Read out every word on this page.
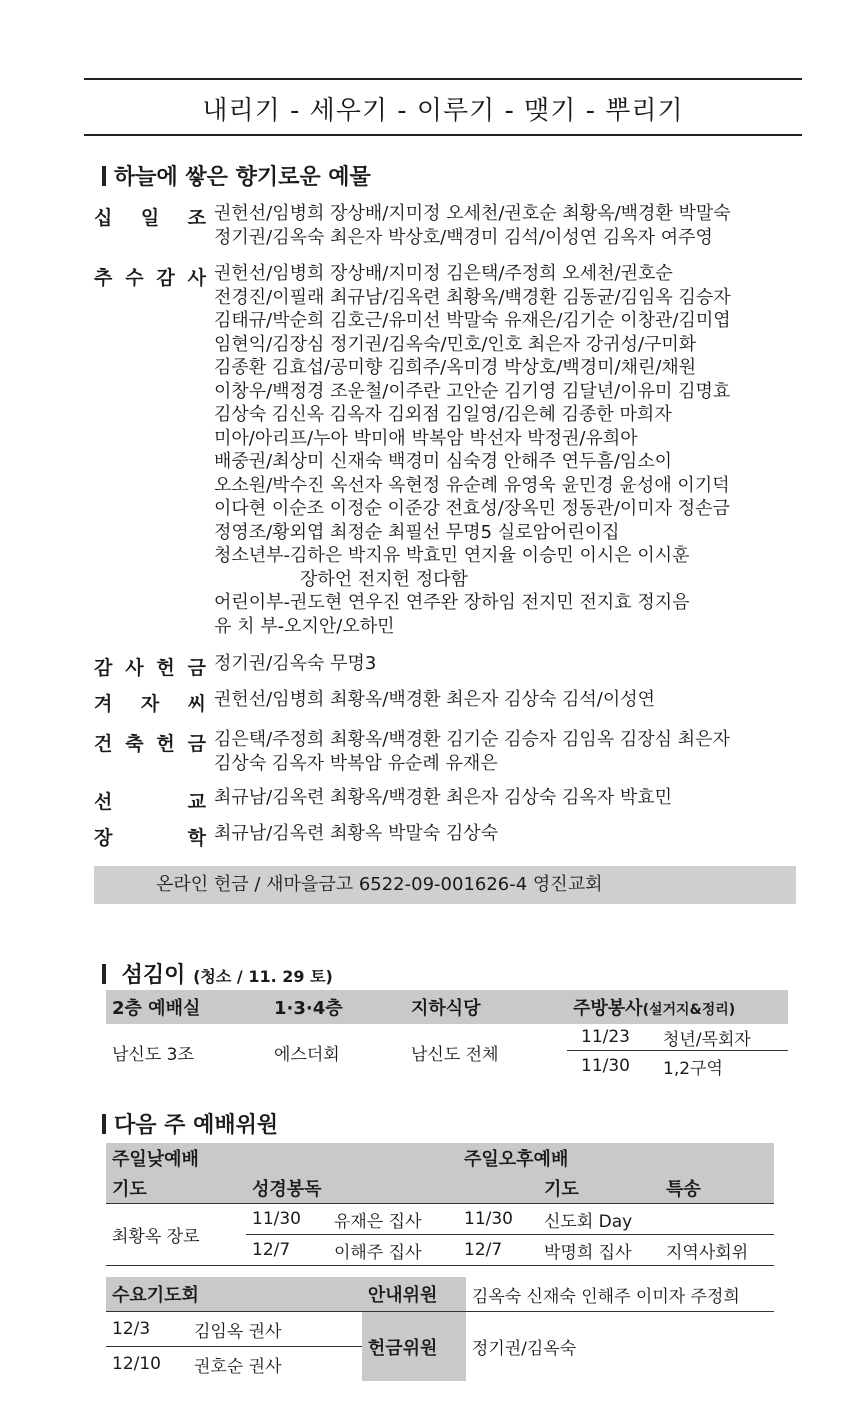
내리기 - 세우기 - 이루기 - 맺기 - 뿌리기
하늘에 쌓은 향기로운 예물
십 일 조 권헌선/임병희 장상배/지미정 오세천/권호순 최황옥/백경환 박말숙
정기권/김옥숙 최은자 박상호/백경미 김석/이성연 김옥자 여주영
추 수 감 사 권헌선/임병희 장상배/지미정 김은택/주정희 오세천/권호순
전경진/이필래 최규남/김옥련 최황옥/백경환 김동균/김임옥 김승자
김태규/박순희 김호근/유미선 박말숙 유재은/김기순 이창관/김미엽
임현익/김장심 정기권/김옥숙/민호/인호 최은자 강귀성/구미화
김종환 김효섭/공미향 김희주/옥미경 박상호/백경미/채린/채원
이창우/백정경 조운철/이주란 고안순 김기영 김달년/이유미 김명효
김상숙 김신옥 김옥자 김외점 김일영/김은혜 김종한 마희자
미아/아리프/누아 박미애 박복암 박선자 박정권/유희아
배중권/최상미 신재숙 백경미 심숙경 안해주 연두흠/임소이
오소원/박수진 옥선자 옥현정 유순례 유영욱 윤민경 윤성애 이기덕
이다현 이순조 이정순 이준강 전효성/장옥민 정동관/이미자 정손금
정영조/황외엽 최정순 최필선 무명5 실로암어린이집
청소년부-김하은 박지유 박효민 연지율 이승민 이시은 이시훈
장하언 전지헌 정다함
어린이부-권도현 연우진 연주완 장하임 전지민 전지효 정지음
유 치 부-오지안/오하민
감 사 헌 금 정기권/김옥숙 무명3
겨 자 씨 권헌선/임병희 최황옥/백경환 최은자 김상숙 김석/이성연
건 축 헌 금 김은택/주정희 최황옥/백경환 김기순 김승자 김임옥 김장심 최은자
김상숙 김옥자 박복암 유순례 유재은
선	교 최규남/김옥련 최황옥/백경환 최은자 김상숙 김옥자 박효민
장	학 최규남/김옥련 최황옥 박말숙 김상숙
온라인 헌금 / 새마을금고 6522-09-001626-4 영진교회
섬김이 (청소 / 11. 29 토)
2층 예배실	1·3·4층	지하식당	주방봉사(설거지&정리)	
남신도 3조	에스더회	남신도 전체	11/23	청년/목회자
			11/30	1,2구역
다음 주 예배위원
주일낮예배			주일오후예배		
기도	성경봉독			기도	특송
최황옥 장로	11/30	유재은 집사	11/30	신도회 Day	
	12/7	이해주 집사	12/7	박명희 집사	지역사회위
수요기도회		안내위원	김옥숙 신재숙 인해주 이미자 주정희
12/3	김임옥 권사	헌금위원	정기권/김옥숙
12/10	권호순 권사		
